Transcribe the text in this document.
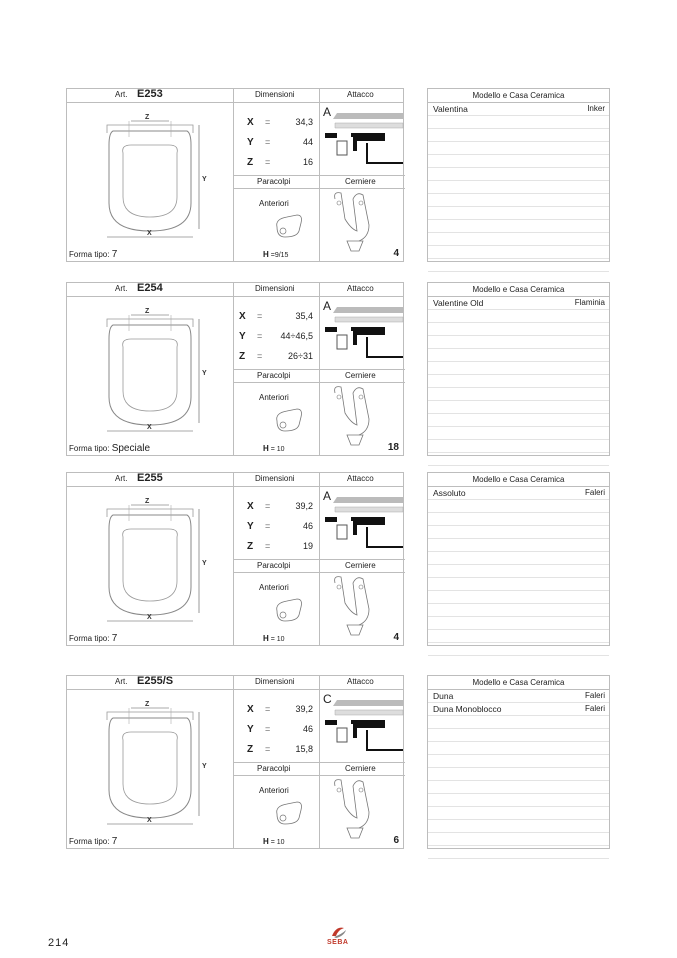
Art. E253	Dimensioni	Attacco
Z
Y
X
Forma tipo: 7
X =	34,3
Y =	44
Z =	16
A
Paracolpi	Cerniere
Anteriori
H =9/15	4
Modello e Casa Ceramica
Valentina	Inker
Art. E254	Dimensioni	Attacco
Z
Y
X
Forma tipo: Speciale
X =	35,4
Y = 44÷46,5
Z =	26÷31
A
Paracolpi	Cerniere
Anteriori
H = 10	18
Modello e Casa Ceramica
Valentine Old	Flaminia
Art. E255	Dimensioni	Attacco
Z
Y
X
Forma tipo: 7
X =	39,2
Y =	46
Z =	19
A
Paracolpi	Cerniere
Anteriori
H = 10	4
Modello e Casa Ceramica
Assoluto	Faleri
Art. E255/S	Dimensioni	Attacco
Z
Y
X
Forma tipo: 7
X =	39,2
Y =	46
Z =	15,8
C
Paracolpi	Cerniere
Anteriori
H = 10	6
Modello e Casa Ceramica
Duna	Faleri
Duna Monoblocco	Faleri
214	SEBA
